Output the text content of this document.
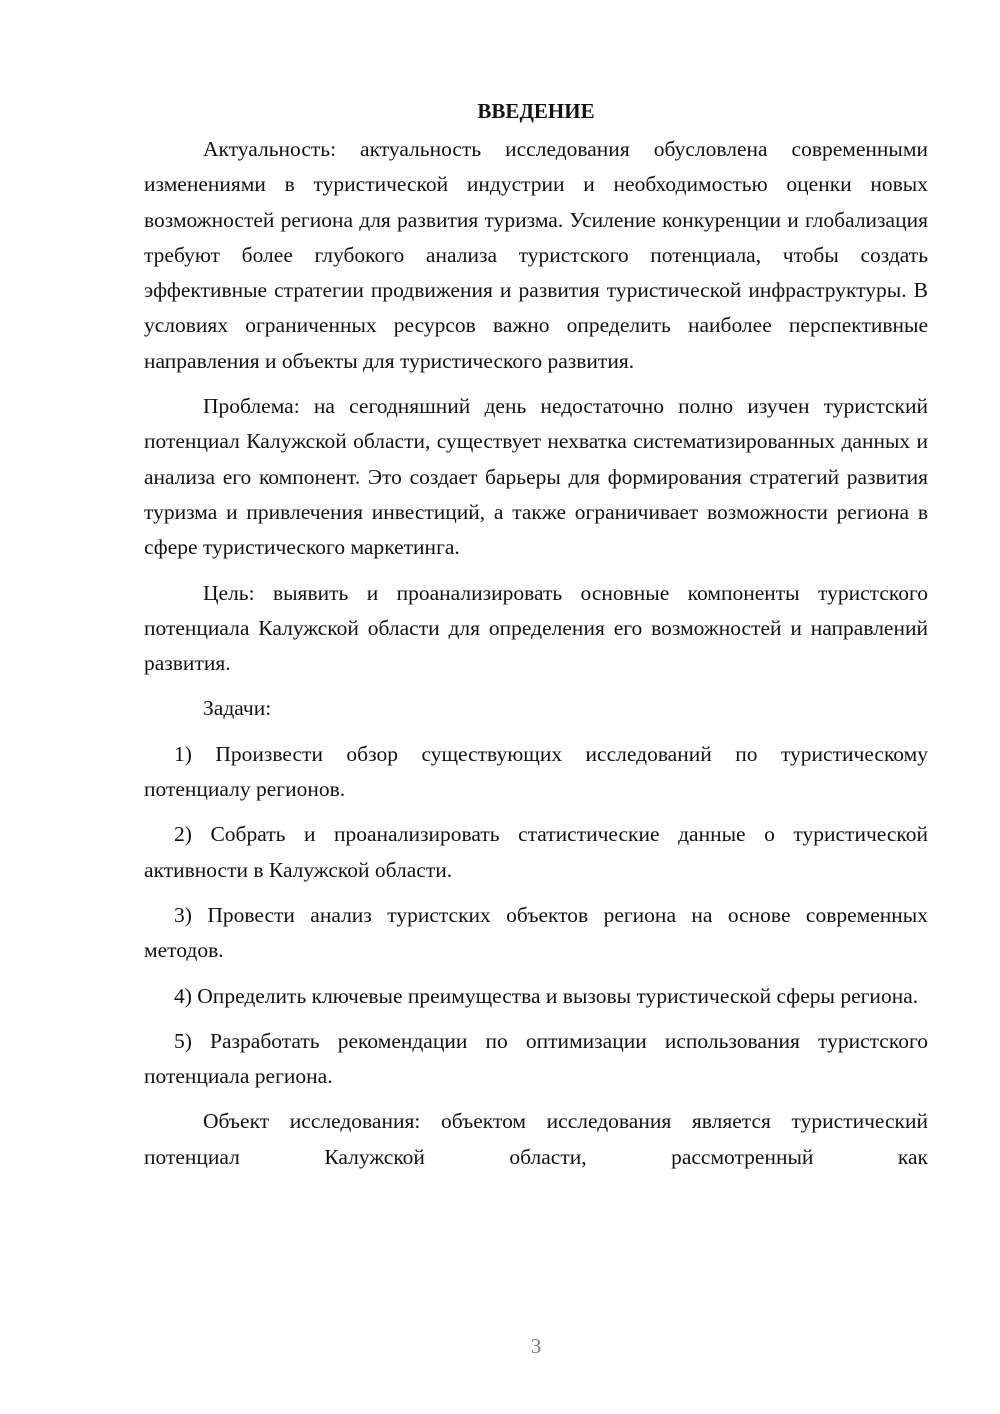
ВВЕДЕНИЕ

Актуальность: актуальность исследования обусловлена современными изменениями в туристической индустрии и необходимостью оценки новых возможностей региона для развития туризма. Усиление конкуренции и глобализация требуют более глубокого анализа туристского потенциала, чтобы создать эффективные стратегии продвижения и развития туристической инфраструктуры. В условиях ограниченных ресурсов важно определить наиболее перспективные направления и объекты для туристического развития.

Проблема: на сегодняшний день недостаточно полно изучен туристский потенциал Калужской области, существует нехватка систематизированных данных и анализа его компонент. Это создает барьеры для формирования стратегий развития туризма и привлечения инвестиций, а также ограничивает возможности региона в сфере туристического маркетинга.

Цель: выявить и проанализировать основные компоненты туристского потенциала Калужской области для определения его возможностей и направлений развития.

Задачи:

1) Произвести обзор существующих исследований по туристическому потенциалу регионов.

2) Собрать и проанализировать статистические данные о туристической активности в Калужской области.

3) Провести анализ туристских объектов региона на основе современных методов.

4) Определить ключевые преимущества и вызовы туристической сферы региона.

5) Разработать рекомендации по оптимизации использования туристского потенциала региона.

Объект исследования: объектом исследования является туристический потенциал Калужской области, рассмотренный как

3
